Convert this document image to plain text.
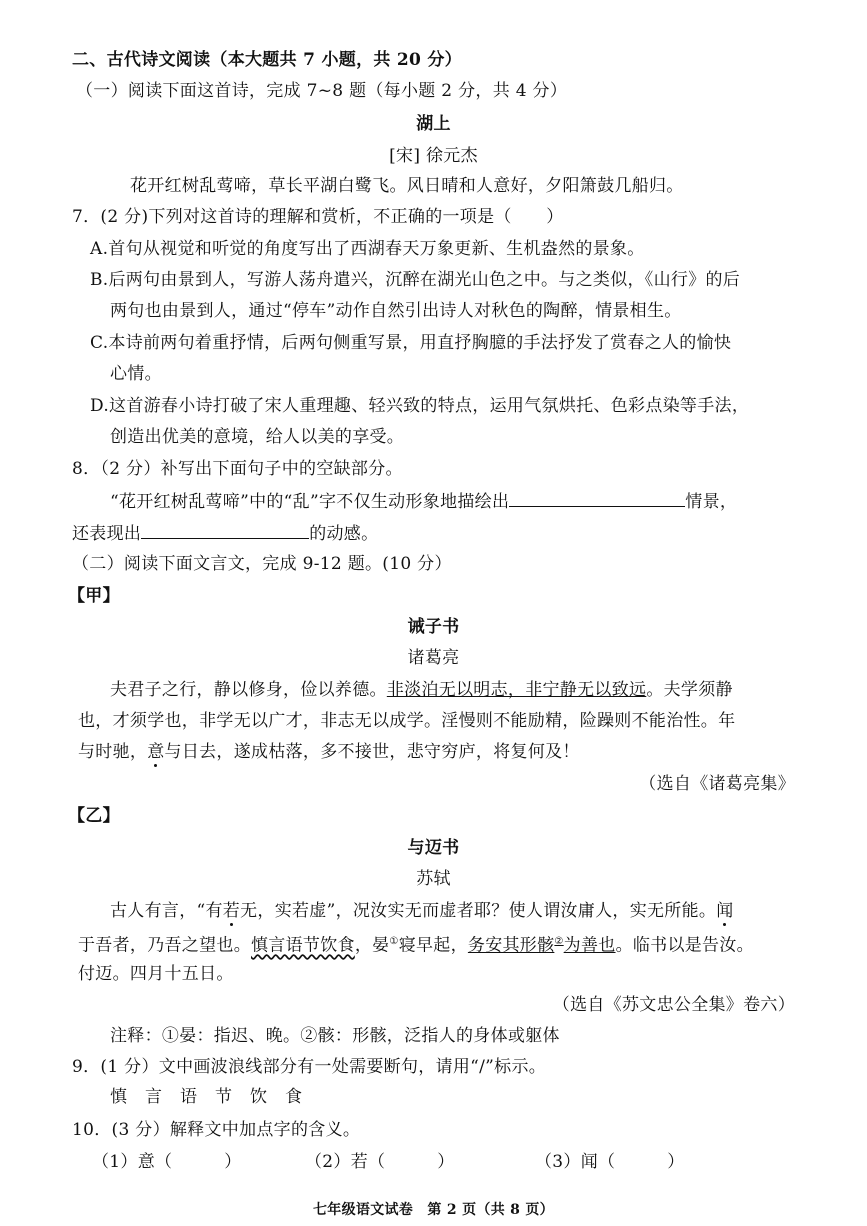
二、古代诗文阅读（本大题共 7 小题，共 20 分）
（一）阅读下面这首诗，完成 7~8 题（每小题 2 分，共 4 分）
湖上
[宋] 徐元杰
花开红树乱莺啼，草长平湖白鹭飞。风日晴和人意好，夕阳箫鼓几船归。
7．(2 分)下列对这首诗的理解和赏析，不正确的一项是（　　）
A.首句从视觉和听觉的角度写出了西湖春天万象更新、生机盎然的景象。
B.后两句由景到人，写游人荡舟遣兴，沉醉在湖光山色之中。与之类似，《山行》的后
两句也由景到人，通过“停车”动作自然引出诗人对秋色的陶醉，情景相生。
C.本诗前两句着重抒情，后两句侧重写景，用直抒胸臆的手法抒发了赏春之人的愉快
心情。
D.这首游春小诗打破了宋人重理趣、轻兴致的特点，运用气氛烘托、色彩点染等手法，
创造出优美的意境，给人以美的享受。
8．（2 分）补写出下面句子中的空缺部分。
“花开红树乱莺啼”中的“乱”字不仅生动形象地描绘出	情景，
还表现出	的动感。
（二）阅读下面文言文，完成 9-12 题。(10 分）
【甲】
诫子书
诸葛亮
夫君子之行，静以修身，俭以养德。非淡泊无以明志，非宁静无以致远。夫学须静
也，才须学也，非学无以广才，非志无以成学。淫慢则不能励精，险躁则不能治性。年
与时驰，意与日去，遂成枯落，多不接世，悲守穷庐，将复何及！
（选自《诸葛亮集》
【乙】
与迈书
苏轼
古人有言，“有若无，实若虚”，况汝实无而虚者耶？使人谓汝庸人，实无所能。闻
于吾者，乃吾之望也。慎言语节饮食，晏①寝早起，务安其形骸②为善也。临书以是告汝。
付迈。四月十五日。
（选自《苏文忠公全集》卷六）
注释：①晏：指迟、晚。②骸：形骸，泛指人的身体或躯体
9．(1 分）文中画波浪线部分有一处需要断句，请用“/”标示。
慎言语节饮食
10．(3 分）解释文中加点字的含义。
（1）意（　　　）	（2）若（　　　）	（3）闻（　　　）
七年级语文试卷　第 2 页（共 8 页）
